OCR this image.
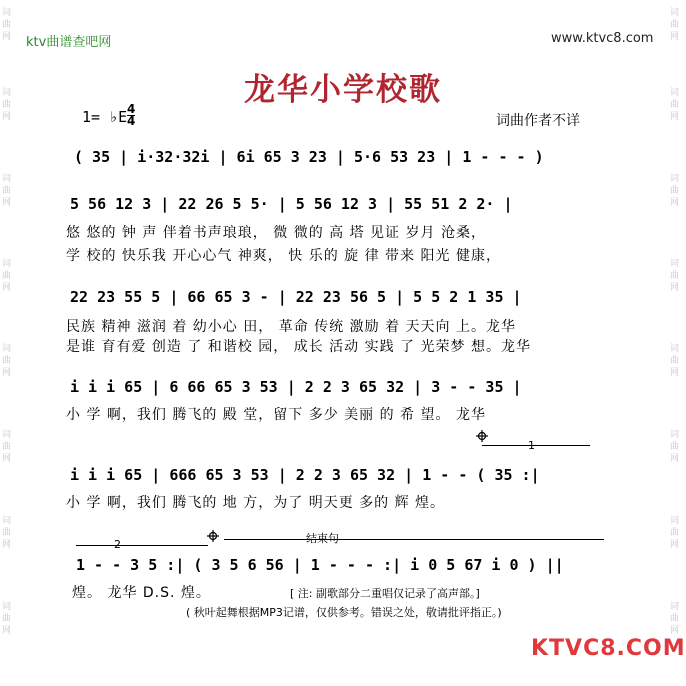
词
曲
网
词
曲
网
词
曲
网
词
曲
网
词
曲
网
词
曲
网
词
曲
网
词
曲
网
词
曲
网
词
曲
网
词
曲
网
词
曲
网
词
曲
网
词
曲
网
词
曲
网
词
曲
网
ktv曲谱查吧网	www.ktvc8.com
龙华小学校歌
1= ♭E 4
4	词曲作者不详
( 35 | i·32·32i | 6i 65 3 23 | 5·6 53 23 | 1 - - - )
5 56 12 3 | 22 26 5 5· | 5 56 12 3 | 55 51 2 2· |
悠 悠的 钟 声 伴着书声琅琅， 微 微的 高 塔 见证 岁月 沧桑，
学 校的 快乐我 开心心气 神爽， 快 乐的 旋 律 带来 阳光 健康，
22 23 55 5 | 66 65 3 - | 22 23 56 5 | 5 5 2 1 35 |
民族 精神 滋润 着 幼小心 田， 革命 传统 激励 着 天天向 上。龙华
是谁 育有爱 创造 了 和谐校 园， 成长 活动 实践 了 光荣梦 想。龙华
i i i 65 | 6 66 65 3 53 | 2 2 3 65 32 | 3 - - 35 |
小 学 啊，我们 腾飞的 殿 堂，留下 多少 美丽 的 希 望。 龙华
1
i i i 65 | 666 65 3 53 | 2 2 3 65 32 | 1 - - ( 35 :|
小 学 啊，我们 腾飞的 地 方，为了 明天更 多的 辉 煌。
2	结束句
1 - - 3 5 :| ( 3 5 6 56 | 1 - - - :| i 0 5 67 i 0 ) ||
煌。 龙华 D.S. 煌。	[ 注: 副歌部分二重唱仅记录了高声部。]
( 秋叶起舞根据MP3记谱，仅供参考。错误之处，敬请批评指正。)
KTVC8.COM
